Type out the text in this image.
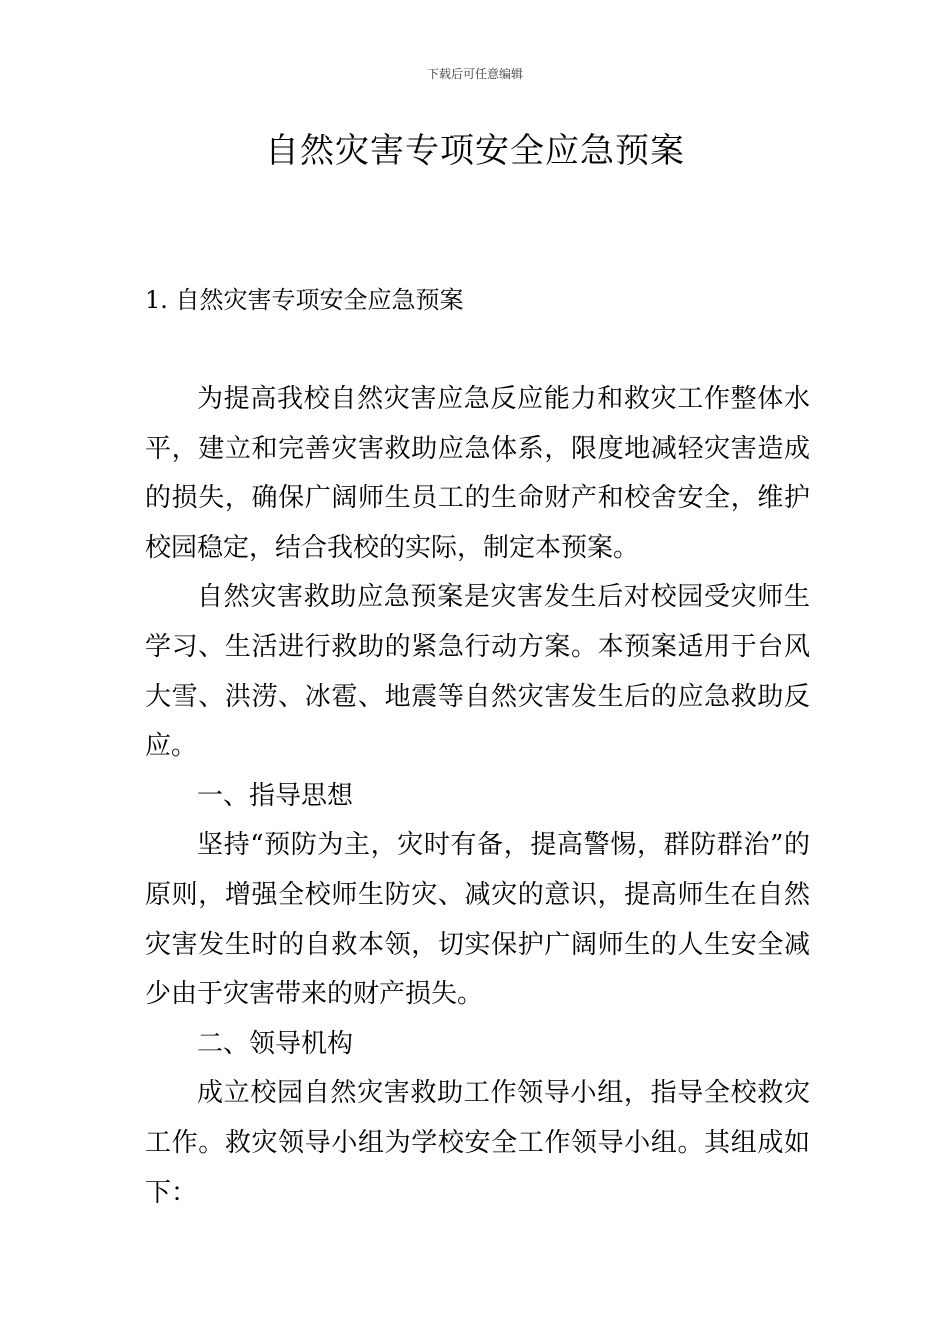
下载后可任意编辑
自然灾害专项安全应急预案
1. 自然灾害专项安全应急预案

为提高我校自然灾害应急反应能力和救灾工作整体水平，建立和完善灾害救助应急体系，限度地减轻灾害造成的损失，确保广阔师生员工的生命财产和校舍安全，维护校园稳定，结合我校的实际，制定本预案。

自然灾害救助应急预案是灾害发生后对校园受灾师生学习、生活进行救助的紧急行动方案。本预案适用于台风大雪、洪涝、冰雹、地震等自然灾害发生后的应急救助反应。

一、指导思想

坚持“预防为主，灾时有备，提高警惕，群防群治”的原则，增强全校师生防灾、减灾的意识，提高师生在自然灾害发生时的自救本领，切实保护广阔师生的人生安全减少由于灾害带来的财产损失。

二、领导机构

成立校园自然灾害救助工作领导小组，指导全校救灾工作。救灾领导小组为学校安全工作领导小组。其组成如下：
